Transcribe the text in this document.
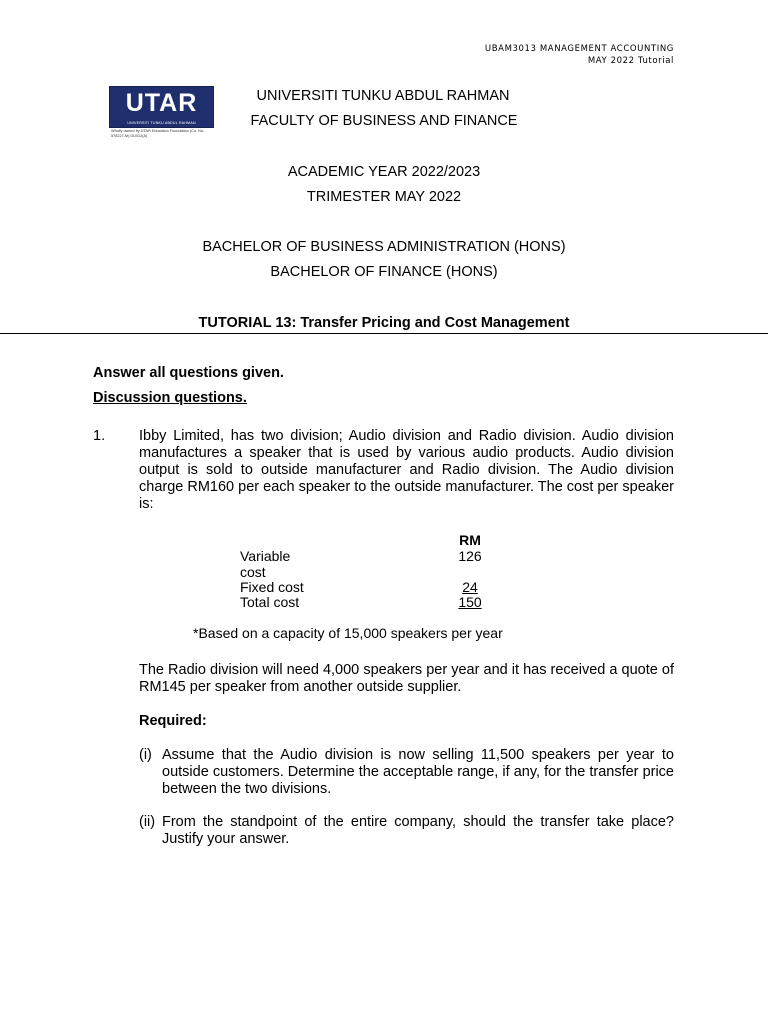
UBAM3013 MANAGEMENT ACCOUNTING
MAY 2022 Tutorial
UTAR
UNIVERSITI TUNKU ABDUL RAHMAN
Wholly owned by UTAR Education Foundation (Co. No. 578227-M) DU012(A)
UNIVERSITI TUNKU ABDUL RAHMAN
FACULTY OF BUSINESS AND FINANCE
ACADEMIC YEAR 2022/2023
TRIMESTER MAY 2022
BACHELOR OF BUSINESS ADMINISTRATION (HONS)
BACHELOR OF FINANCE (HONS)
TUTORIAL 13: Transfer Pricing and Cost Management
Answer all questions given.
Discussion questions.
1. Ibby Limited, has two division; Audio division and Radio division. Audio division manufactures a speaker that is used by various audio products. Audio division output is sold to outside manufacturer and Radio division. The Audio division charge RM160 per each speaker to the outside manufacturer. The cost per speaker is:
RM
Variable cost
126
Fixed cost	24
Total cost	150
*Based on a capacity of 15,000 speakers per year
The Radio division will need 4,000 speakers per year and it has received a quote of RM145 per speaker from another outside supplier.
Required:
(i) Assume that the Audio division is now selling 11,500 speakers per year to outside customers. Determine the acceptable range, if any, for the transfer price between the two divisions.
(ii) From the standpoint of the entire company, should the transfer take place? Justify your answer.
